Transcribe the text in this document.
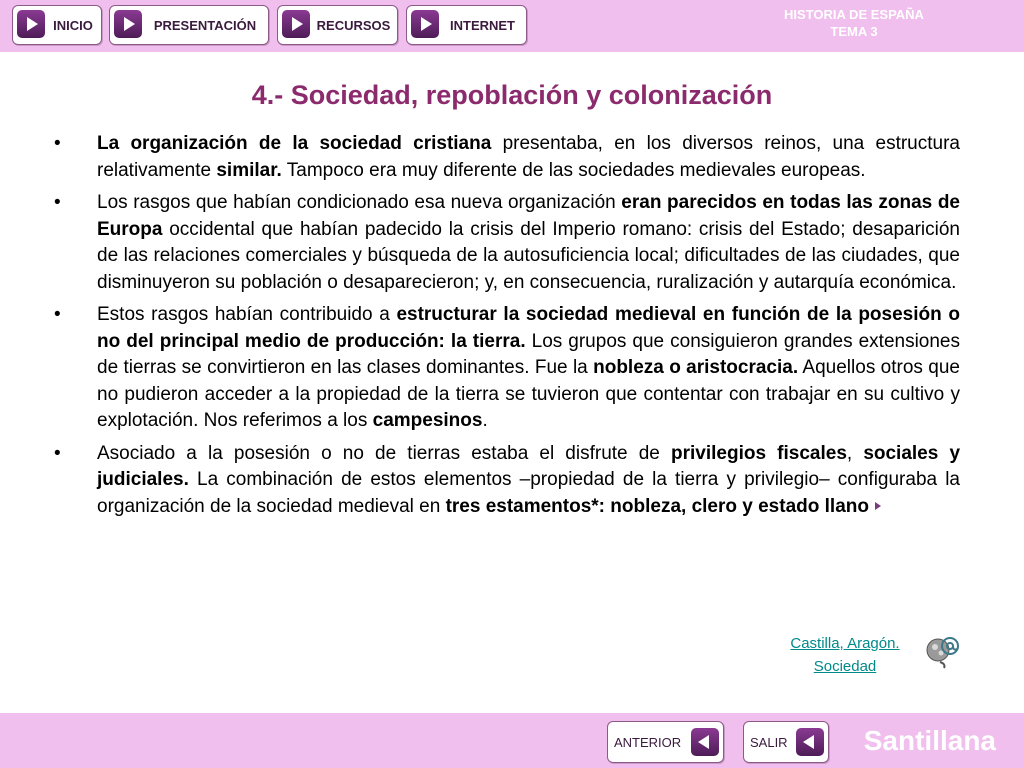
INICIO	PRESENTACIÓN	RECURSOS	INTERNET
HISTORIA DE ESPAÑA
TEMA 3
4.- Sociedad, repoblación y colonización
• La organización de la sociedad cristiana presentaba, en los diversos reinos, una estructura relativamente similar. Tampoco era muy diferente de las sociedades medievales europeas.
• Los rasgos que habían condicionado esa nueva organización eran parecidos en todas las zonas de Europa occidental que habían padecido la crisis del Imperio romano: crisis del Estado; desaparición de las relaciones comerciales y búsqueda de la autosuficiencia local; dificultades de las ciudades, que disminuyeron su población o desaparecieron; y, en consecuencia, ruralización y autarquía económica.
• Estos rasgos habían contribuido a estructurar la sociedad medieval en función de la posesión o no del principal medio de producción: la tierra. Los grupos que consiguieron grandes extensiones de tierras se convirtieron en las clases dominantes. Fue la nobleza o aristocracia. Aquellos otros que no pudieron acceder a la propiedad de la tierra se tuvieron que contentar con trabajar en su cultivo y explotación. Nos referimos a los campesinos.
• Asociado a la posesión o no de tierras estaba el disfrute de privilegios fiscales, sociales y judiciales. La combinación de estos elementos –propiedad de la tierra y privilegio– configuraba la organización de la sociedad medieval en tres estamentos*: nobleza, clero y estado llano
Castilla, Aragón.
Sociedad
ANTERIOR	SALIR	Santillana
